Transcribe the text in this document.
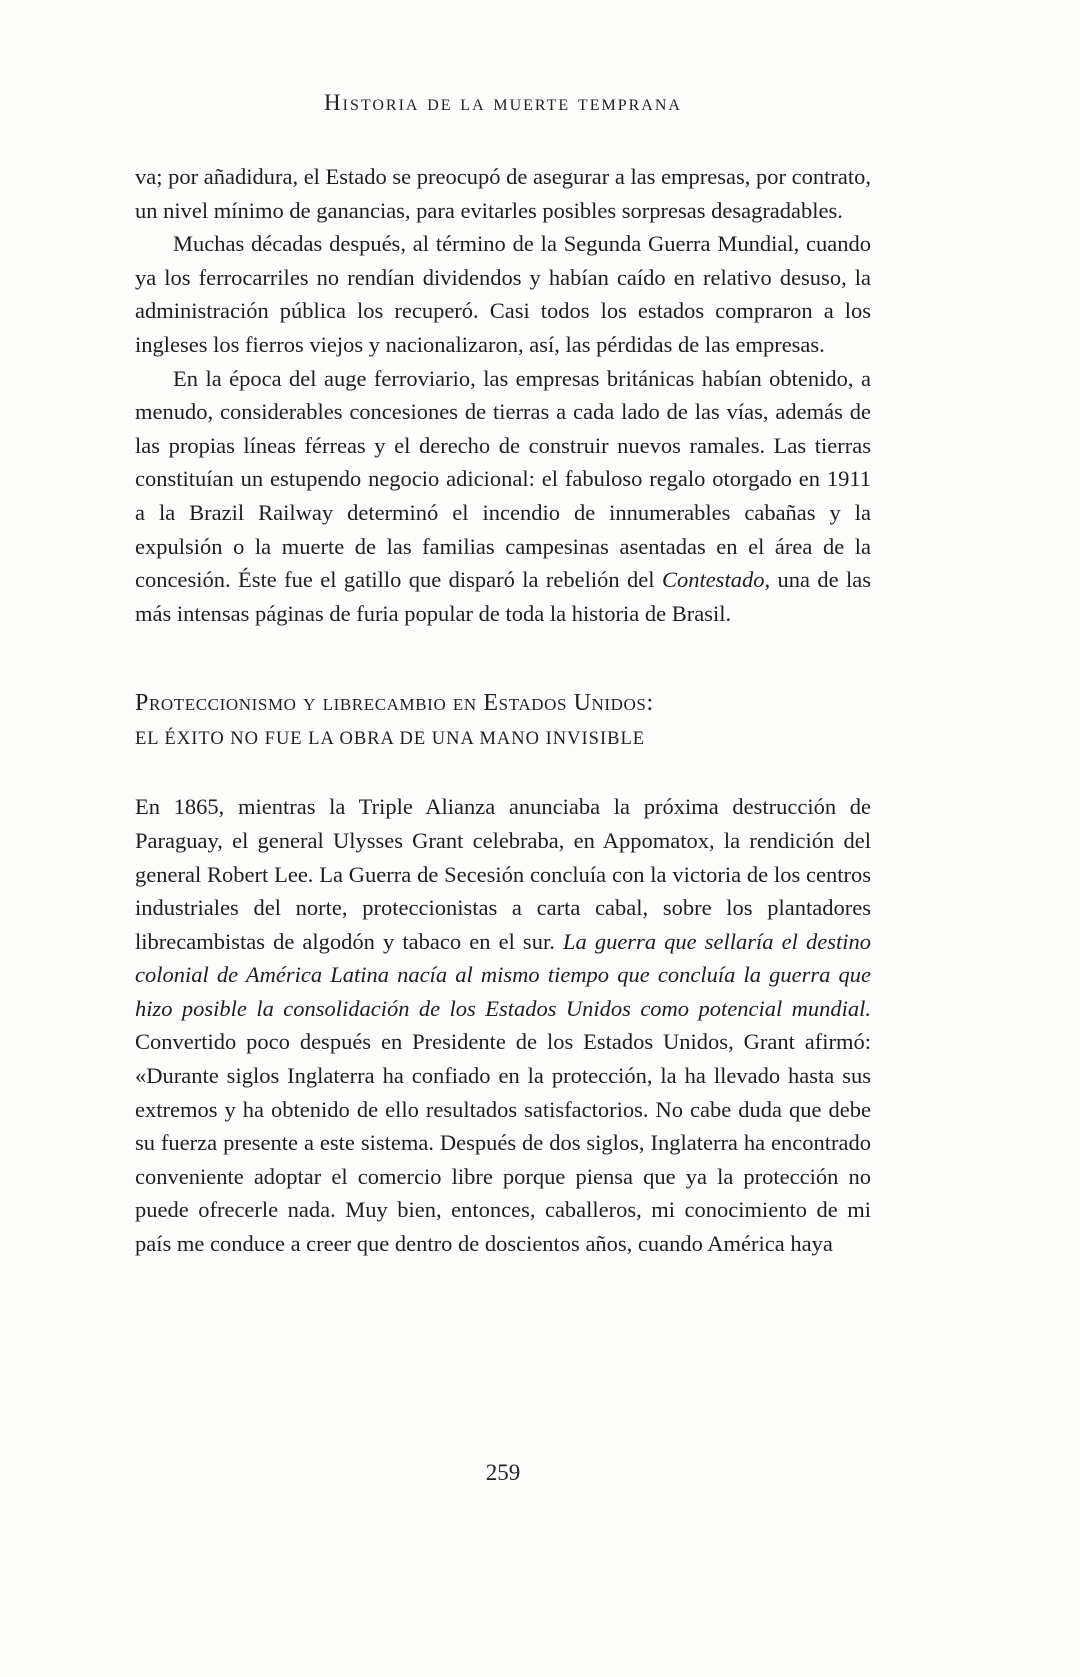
Historia de la muerte temprana

va; por añadidura, el Estado se preocupó de asegurar a las empresas, por contrato, un nivel mínimo de ganancias, para evitarles posibles sorpresas desagradables.

Muchas décadas después, al término de la Segunda Guerra Mundial, cuando ya los ferrocarriles no rendían dividendos y habían caído en relativo desuso, la administración pública los recuperó. Casi todos los estados compraron a los ingleses los fierros viejos y nacionalizaron, así, las pérdidas de las empresas.

En la época del auge ferroviario, las empresas británicas habían obtenido, a menudo, considerables concesiones de tierras a cada lado de las vías, además de las propias líneas férreas y el derecho de construir nuevos ramales. Las tierras constituían un estupendo negocio adicional: el fabuloso regalo otorgado en 1911 a la Brazil Railway determinó el incendio de innumerables cabañas y la expulsión o la muerte de las familias campesinas asentadas en el área de la concesión. Éste fue el gatillo que disparó la rebelión del Contestado, una de las más intensas páginas de furia popular de toda la historia de Brasil.

Proteccionismo y librecambio en Estados Unidos:
EL ÉXITO NO FUE LA OBRA DE UNA MANO INVISIBLE

En 1865, mientras la Triple Alianza anunciaba la próxima destrucción de Paraguay, el general Ulysses Grant celebraba, en Appomatox, la rendición del general Robert Lee. La Guerra de Secesión concluía con la victoria de los centros industriales del norte, proteccionistas a carta cabal, sobre los plantadores librecambistas de algodón y tabaco en el sur. La guerra que sellaría el destino colonial de América Latina nacía al mismo tiempo que concluía la guerra que hizo posible la consolidación de los Estados Unidos como potencial mundial. Convertido poco después en Presidente de los Estados Unidos, Grant afirmó: «Durante siglos Inglaterra ha confiado en la protección, la ha llevado hasta sus extremos y ha obtenido de ello resultados satisfactorios. No cabe duda que debe su fuerza presente a este sistema. Después de dos siglos, Inglaterra ha encontrado conveniente adoptar el comercio libre porque piensa que ya la protección no puede ofrecerle nada. Muy bien, entonces, caballeros, mi conocimiento de mi país me conduce a creer que dentro de doscientos años, cuando América haya

259
